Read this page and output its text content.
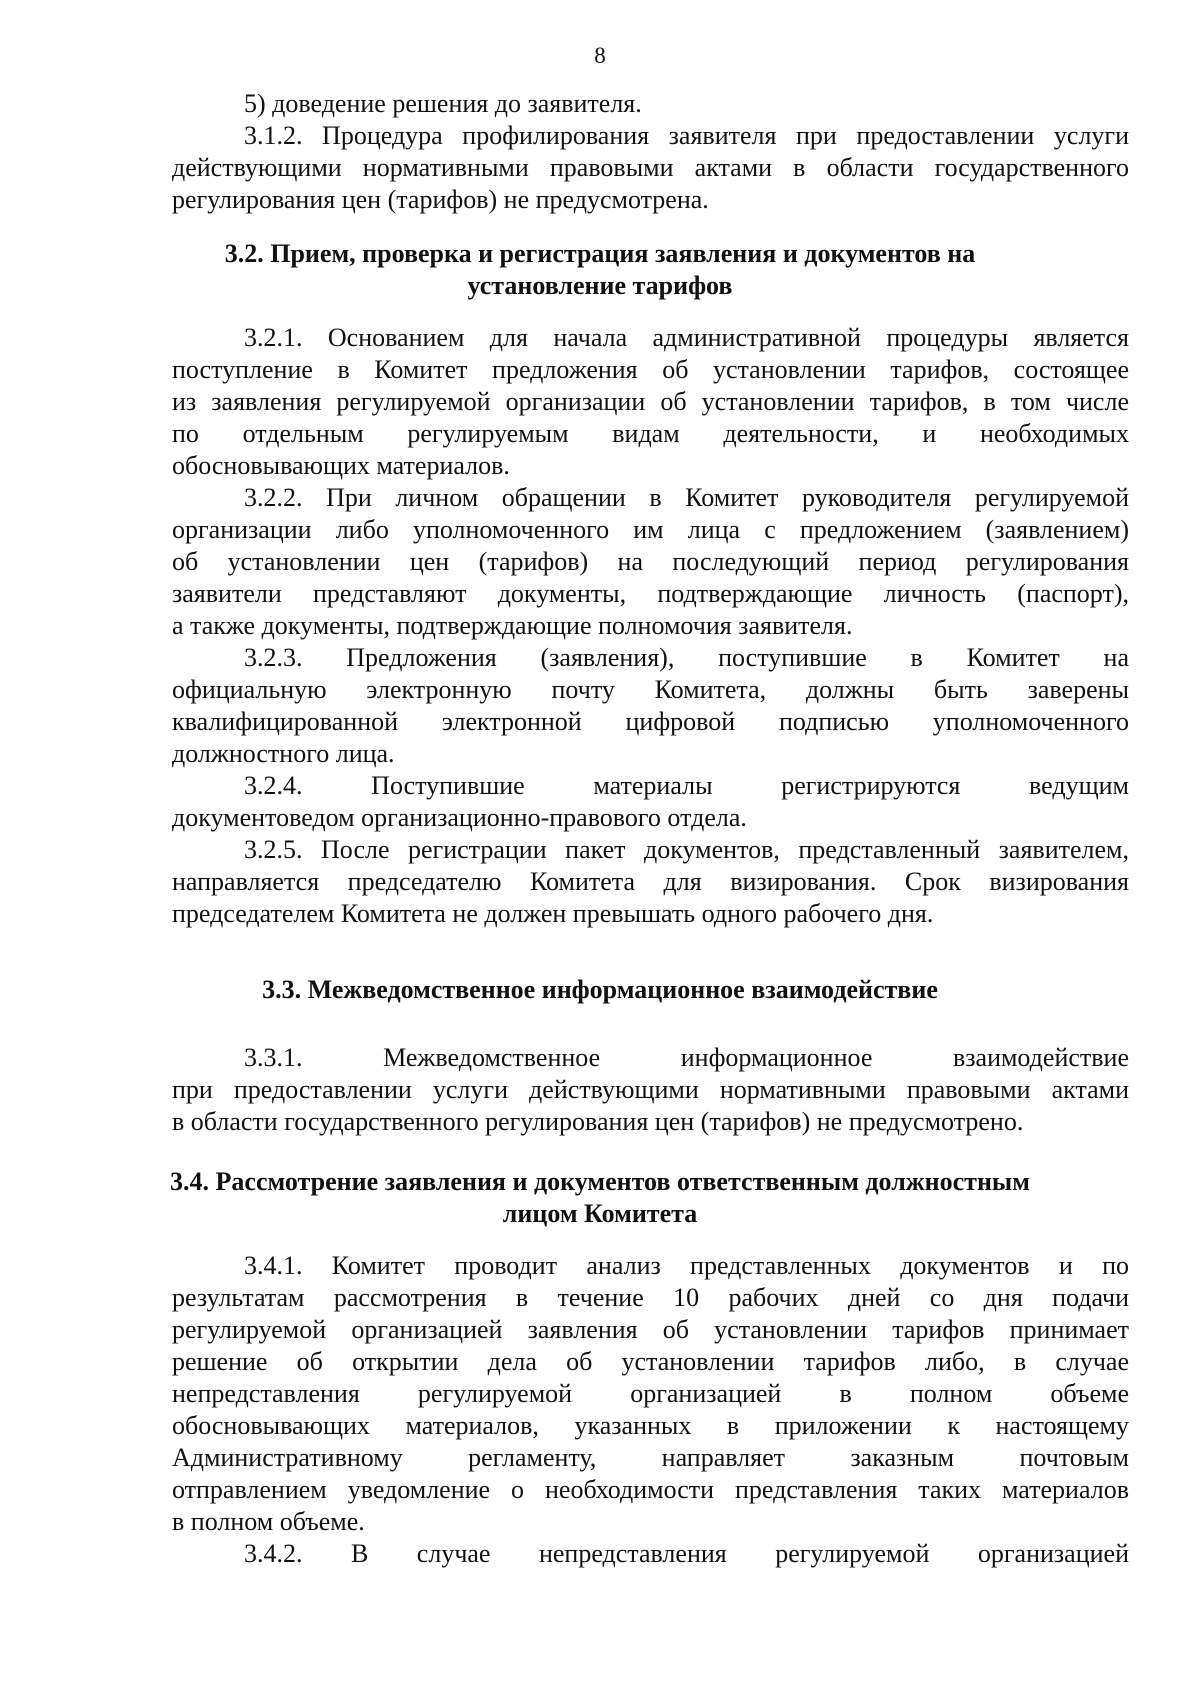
8
5) доведение решения до заявителя.
3.1.2. Процедура профилирования заявителя при предоставлении услуги
действующими нормативными правовыми актами в области государственного
регулирования цен (тарифов) не предусмотрена.
3.2. Прием, проверка и регистрация заявления и документов на
установление тарифов
3.2.1. Основанием для начала административной процедуры является
поступление в Комитет предложения об установлении тарифов, состоящее
из заявления регулируемой организации об установлении тарифов, в том числе
по отдельным регулируемым видам деятельности, и необходимых
обосновывающих материалов.
3.2.2. При личном обращении в Комитет руководителя регулируемой
организации либо уполномоченного им лица с предложением (заявлением)
об установлении цен (тарифов) на последующий период регулирования
заявители представляют документы, подтверждающие личность (паспорт),
а также документы, подтверждающие полномочия заявителя.
3.2.3. Предложения (заявления), поступившие в Комитет на
официальную электронную почту Комитета, должны быть заверены
квалифицированной электронной цифровой подписью уполномоченного
должностного лица.
3.2.4. Поступившие материалы регистрируются ведущим
документоведом организационно-правового отдела.
3.2.5. После регистрации пакет документов, представленный заявителем,
направляется председателю Комитета для визирования. Срок визирования
председателем Комитета не должен превышать одного рабочего дня.
3.3. Межведомственное информационное взаимодействие
3.3.1. Межведомственное информационное взаимодействие
при предоставлении услуги действующими нормативными правовыми актами
в области государственного регулирования цен (тарифов) не предусмотрено.
3.4. Рассмотрение заявления и документов ответственным должностным
лицом Комитета
3.4.1. Комитет проводит анализ представленных документов и по
результатам рассмотрения в течение 10 рабочих дней со дня подачи
регулируемой организацией заявления об установлении тарифов принимает
решение об открытии дела об установлении тарифов либо, в случае
непредставления регулируемой организацией в полном объеме
обосновывающих материалов, указанных в приложении к настоящему
Административному регламенту, направляет заказным почтовым
отправлением уведомление о необходимости представления таких материалов
в полном объеме.
3.4.2. В случае непредставления регулируемой организацией
